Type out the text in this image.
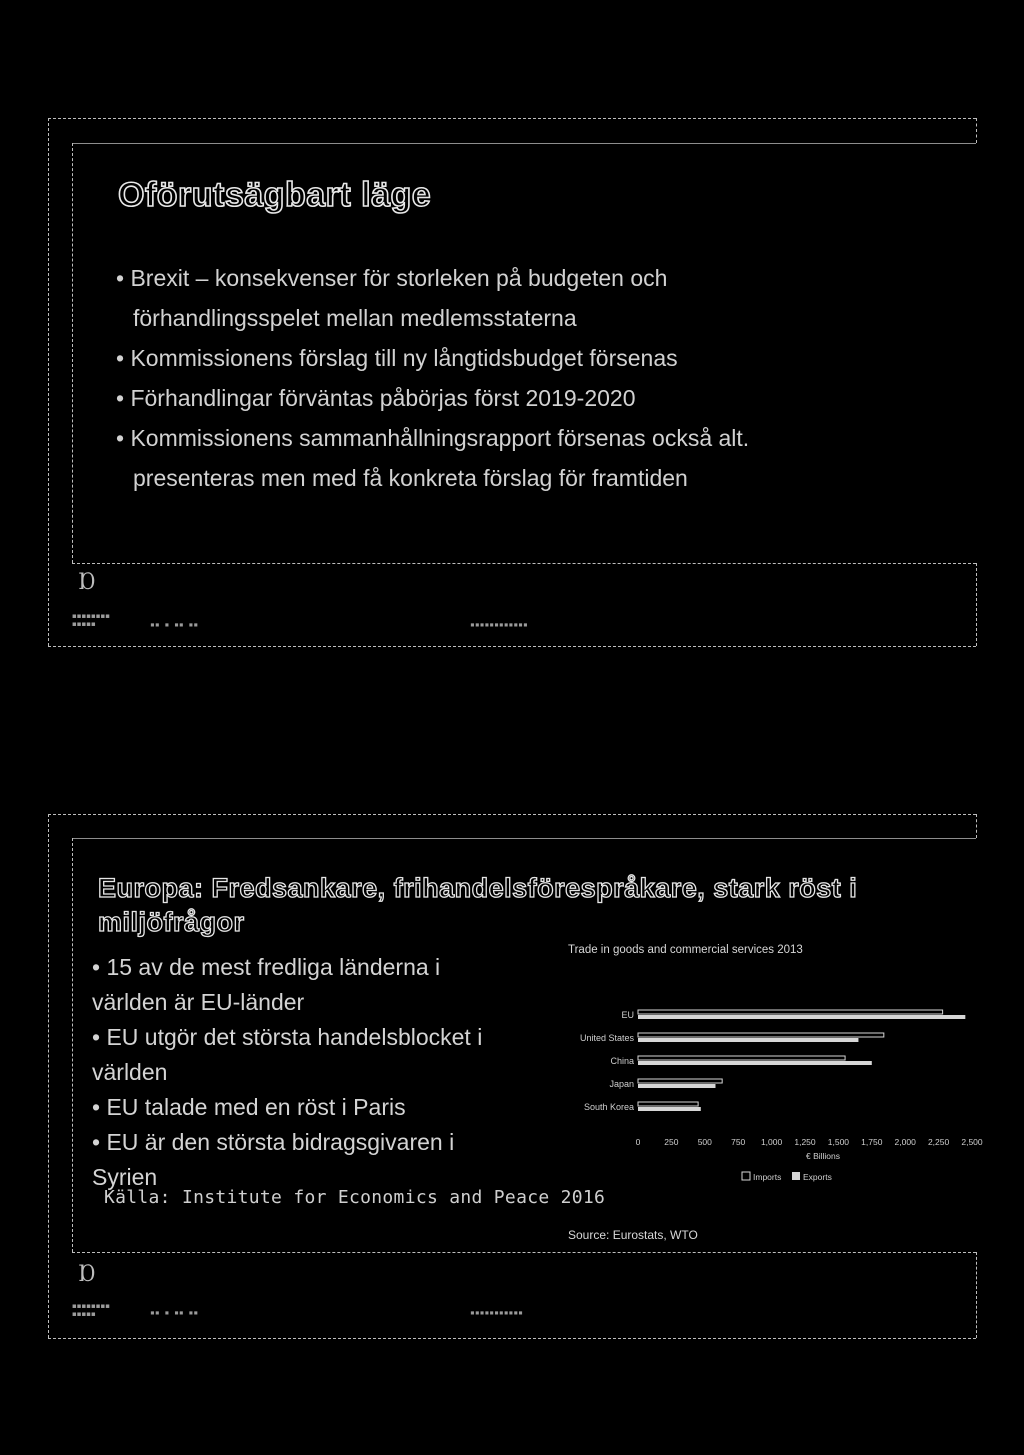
Oförutsägbart läge
• Brexit – konsekvenser för storleken på budgeten och
förhandlingsspelet mellan medlemsstaterna
• Kommissionens förslag till ny långtidsbudget försenas
• Förhandlingar förväntas påbörjas först 2019-2020
• Kommissionens sammanhållningsrapport försenas också alt.
presenteras men med få konkreta förslag för framtiden
Ɒ
▪▪▪▪▪▪▪▪
▪▪▪▪▪	▪▪ ▪ ▪▪ ▪▪	▪▪▪▪▪▪▪▪▪▪▪▪
Europa: Fredsankare, frihandelsförespråkare, stark röst i miljöfrågor
• 15 av de mest fredliga länderna i
världen är EU-länder
• EU utgör det största handelsblocket i
världen
• EU talade med en röst i Paris
• EU är den största bidragsgivaren i
Syrien
Källa: Institute for Economics and Peace 2016
Trade in goods and commercial services 2013
EU
United States
China
Japan
South Korea
0	250 500 750 1,000 1,250 1,500 1,750 2,000 2,250 2,500
€ Billions
Imports	Exports
Source: Eurostats, WTO
Ɒ
▪▪▪▪▪▪▪▪
▪▪▪▪▪	▪▪ ▪ ▪▪ ▪▪	▪▪▪▪▪▪▪▪▪▪▪
